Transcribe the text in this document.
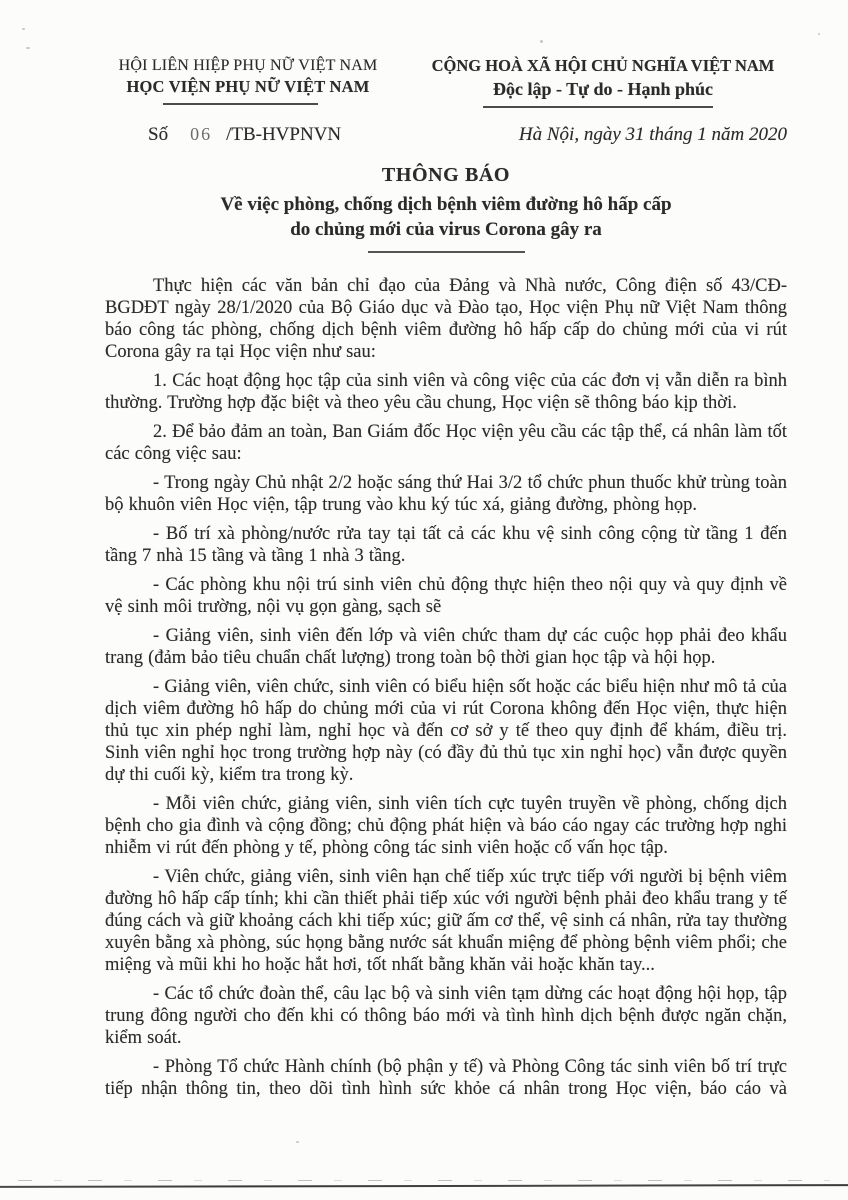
HỘI LIÊN HIỆP PHỤ NỮ VIỆT NAM
HỌC VIỆN PHỤ NỮ VIỆT NAM
CỘNG HOÀ XÃ HỘI CHỦ NGHĨA VIỆT NAM
Độc lập - Tự do - Hạnh phúc
Số 06 /TB-HVPNVN	Hà Nội, ngày 31 tháng 1 năm 2020
THÔNG BÁO
Về việc phòng, chống dịch bệnh viêm đường hô hấp cấp
do chủng mới của virus Corona gây ra

Thực hiện các văn bản chỉ đạo của Đảng và Nhà nước, Công điện số 43/CĐ-BGDĐT ngày 28/1/2020 của Bộ Giáo dục và Đào tạo, Học viện Phụ nữ Việt Nam thông báo công tác phòng, chống dịch bệnh viêm đường hô hấp cấp do chủng mới của vi rút Corona gây ra tại Học viện như sau:

1. Các hoạt động học tập của sinh viên và công việc của các đơn vị vẫn diễn ra bình thường. Trường hợp đặc biệt và theo yêu cầu chung, Học viện sẽ thông báo kịp thời.

2. Để bảo đảm an toàn, Ban Giám đốc Học viện yêu cầu các tập thể, cá nhân làm tốt các công việc sau:

- Trong ngày Chủ nhật 2/2 hoặc sáng thứ Hai 3/2 tổ chức phun thuốc khử trùng toàn bộ khuôn viên Học viện, tập trung vào khu ký túc xá, giảng đường, phòng họp.

- Bố trí xà phòng/nước rửa tay tại tất cả các khu vệ sinh công cộng từ tầng 1 đến tầng 7 nhà 15 tầng và tầng 1 nhà 3 tầng.

- Các phòng khu nội trú sinh viên chủ động thực hiện theo nội quy và quy định về vệ sinh môi trường, nội vụ gọn gàng, sạch sẽ

- Giảng viên, sinh viên đến lớp và viên chức tham dự các cuộc họp phải đeo khẩu trang (đảm bảo tiêu chuẩn chất lượng) trong toàn bộ thời gian học tập và hội họp.

- Giảng viên, viên chức, sinh viên có biểu hiện sốt hoặc các biểu hiện như mô tả của dịch viêm đường hô hấp do chủng mới của vi rút Corona không đến Học viện, thực hiện thủ tục xin phép nghỉ làm, nghỉ học và đến cơ sở y tế theo quy định để khám, điều trị. Sinh viên nghỉ học trong trường hợp này (có đầy đủ thủ tục xin nghỉ học) vẫn được quyền dự thi cuối kỳ, kiểm tra trong kỳ.

- Mỗi viên chức, giảng viên, sinh viên tích cực tuyên truyền về phòng, chống dịch bệnh cho gia đình và cộng đồng; chủ động phát hiện và báo cáo ngay các trường hợp nghi nhiễm vi rút đến phòng y tế, phòng công tác sinh viên hoặc cố vấn học tập.

- Viên chức, giảng viên, sinh viên hạn chế tiếp xúc trực tiếp với người bị bệnh viêm đường hô hấp cấp tính; khi cần thiết phải tiếp xúc với người bệnh phải đeo khẩu trang y tế đúng cách và giữ khoảng cách khi tiếp xúc; giữ ấm cơ thể, vệ sinh cá nhân, rửa tay thường xuyên bằng xà phòng, súc họng bằng nước sát khuẩn miệng để phòng bệnh viêm phổi; che miệng và mũi khi ho hoặc hắt hơi, tốt nhất bằng khăn vải hoặc khăn tay...

- Các tổ chức đoàn thể, câu lạc bộ và sinh viên tạm dừng các hoạt động hội họp, tập trung đông người cho đến khi có thông báo mới và tình hình dịch bệnh được ngăn chặn, kiểm soát.

- Phòng Tổ chức Hành chính (bộ phận y tế) và Phòng Công tác sinh viên bố trí trực tiếp nhận thông tin, theo dõi tình hình sức khỏe cá nhân trong Học viện, báo cáo và
